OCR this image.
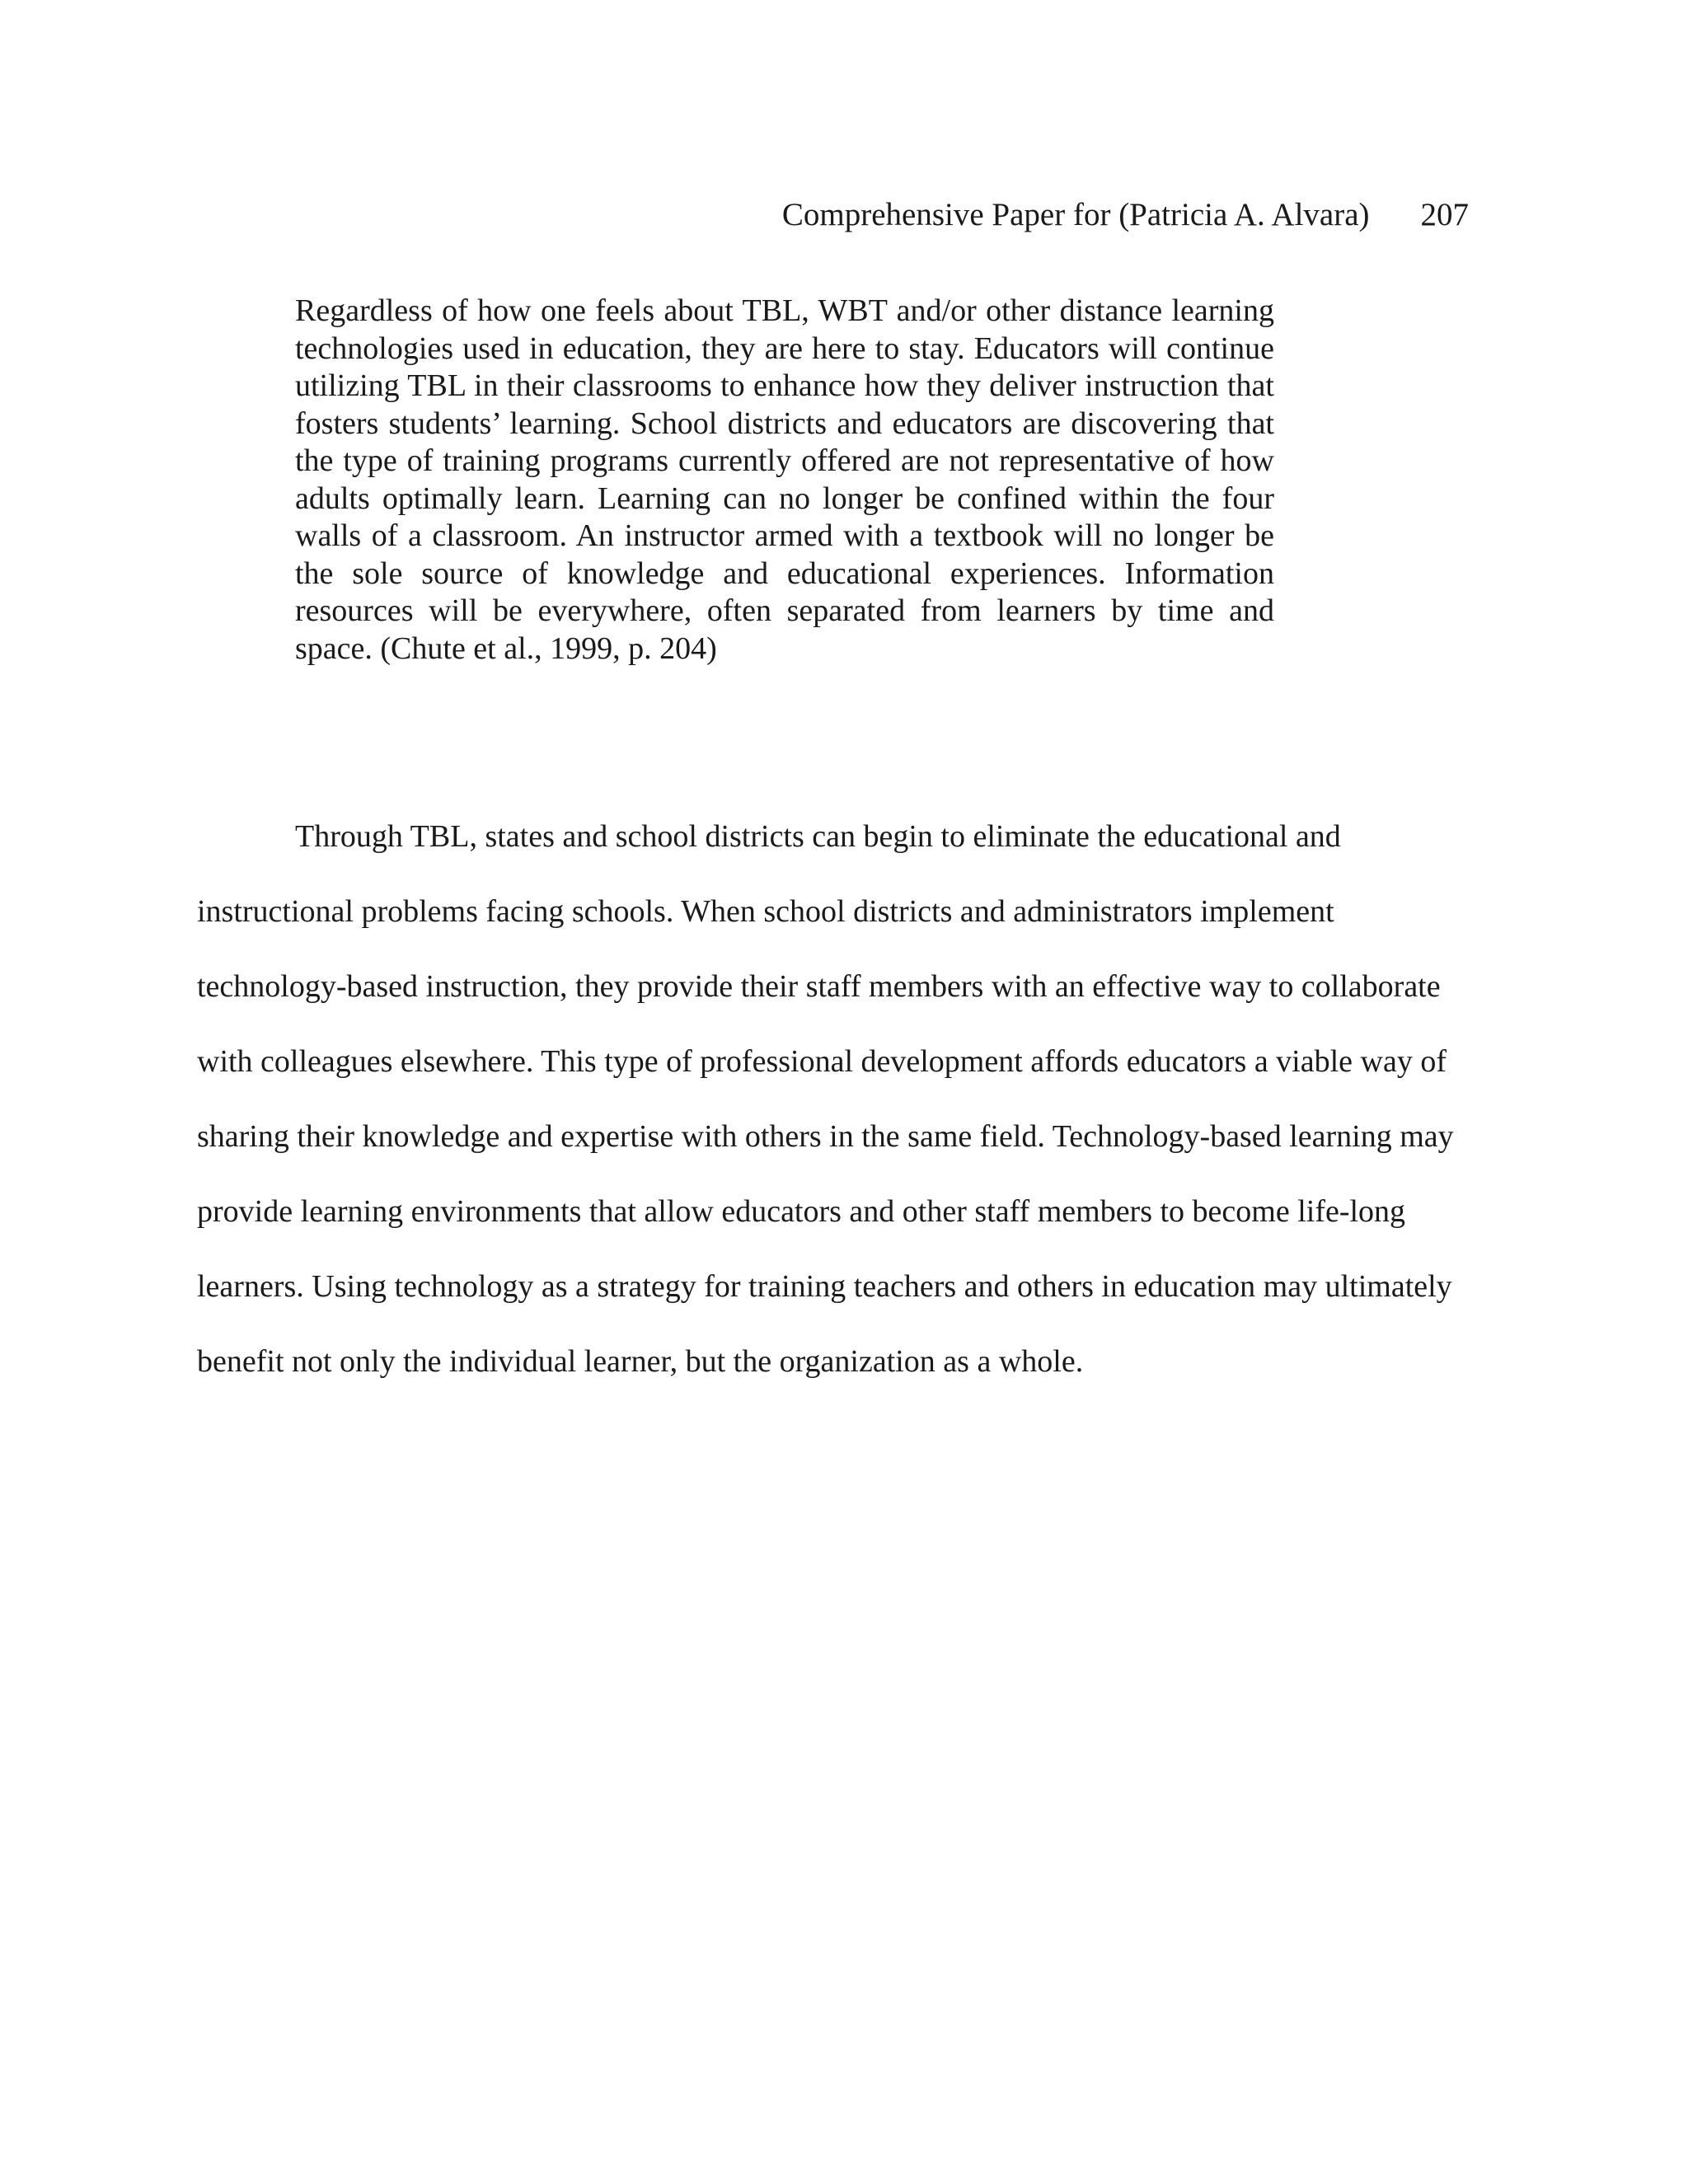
Comprehensive Paper for (Patricia A. Alvara) 207

Regardless of how one feels about TBL, WBT and/or other distance learning technologies used in education, they are here to stay. Educators will continue utilizing TBL in their classrooms to enhance how they deliver instruction that fosters students’ learning. School districts and educators are discovering that the type of training programs currently offered are not representative of how adults optimally learn. Learning can no longer be confined within the four walls of a classroom. An instructor armed with a textbook will no longer be the sole source of knowledge and educational experiences. Information resources will be everywhere, often separated from learners by time and space. (Chute et al., 1999, p. 204)

Through TBL, states and school districts can begin to eliminate the educational and instructional problems facing schools. When school districts and administrators implement technology-based instruction, they provide their staff members with an effective way to collaborate with colleagues elsewhere. This type of professional development affords educators a viable way of sharing their knowledge and expertise with others in the same field. Technology-based learning may provide learning environments that allow educators and other staff members to become life-long learners. Using technology as a strategy for training teachers and others in education may ultimately benefit not only the individual learner, but the organization as a whole.
